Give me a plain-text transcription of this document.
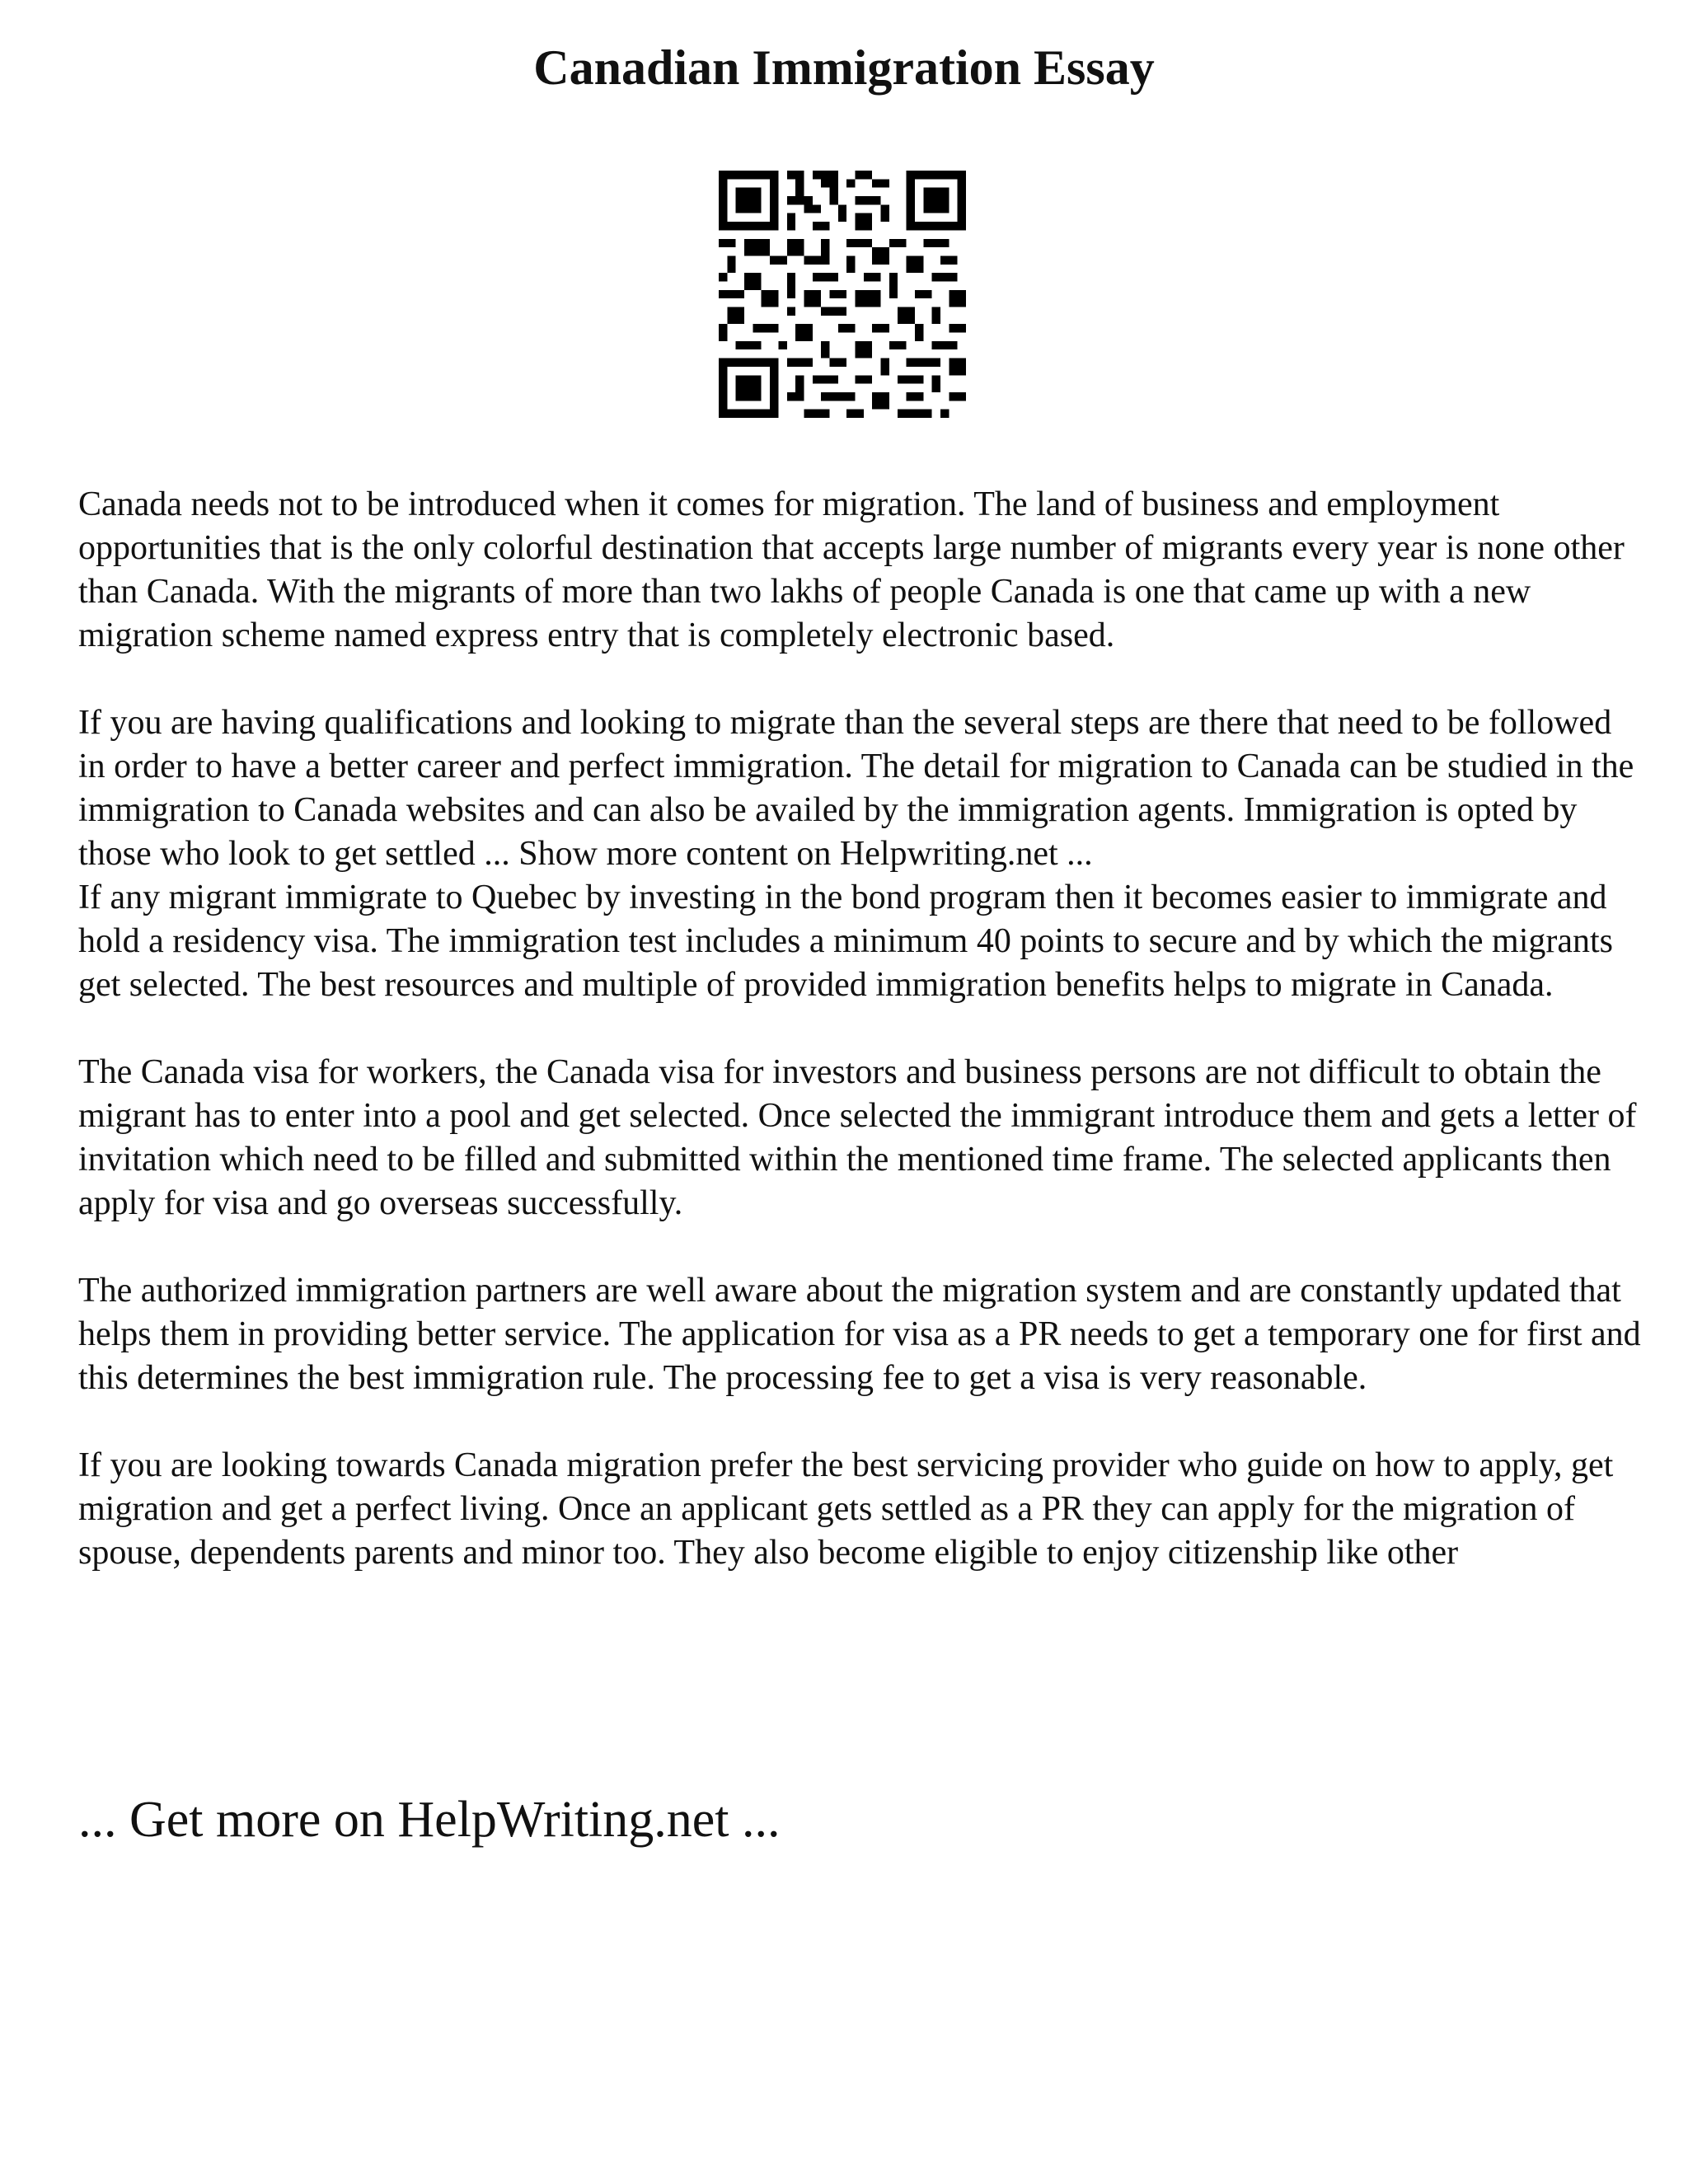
Canadian Immigration Essay

Canada needs not to be introduced when it comes for migration. The land of business and employment opportunities that is the only colorful destination that accepts large number of migrants every year is none other than Canada. With the migrants of more than two lakhs of people Canada is one that came up with a new migration scheme named express entry that is completely electronic based.

If you are having qualifications and looking to migrate than the several steps are there that need to be followed in order to have a better career and perfect immigration. The detail for migration to Canada can be studied in the immigration to Canada websites and can also be availed by the immigration agents. Immigration is opted by those who look to get settled ... Show more content on Helpwriting.net ...

If any migrant immigrate to Quebec by investing in the bond program then it becomes easier to immigrate and hold a residency visa. The immigration test includes a minimum 40 points to secure and by which the migrants get selected. The best resources and multiple of provided immigration benefits helps to migrate in Canada.

The Canada visa for workers, the Canada visa for investors and business persons are not difficult to obtain the migrant has to enter into a pool and get selected. Once selected the immigrant introduce them and gets a letter of invitation which need to be filled and submitted within the mentioned time frame. The selected applicants then apply for visa and go overseas successfully.

The authorized immigration partners are well aware about the migration system and are constantly updated that helps them in providing better service. The application for visa as a PR needs to get a temporary one for first and this determines the best immigration rule. The processing fee to get a visa is very reasonable.

If you are looking towards Canada migration prefer the best servicing provider who guide on how to apply, get migration and get a perfect living. Once an applicant gets settled as a PR they can apply for the migration of spouse, dependents parents and minor too. They also become eligible to enjoy citizenship like other

... Get more on HelpWriting.net ...
